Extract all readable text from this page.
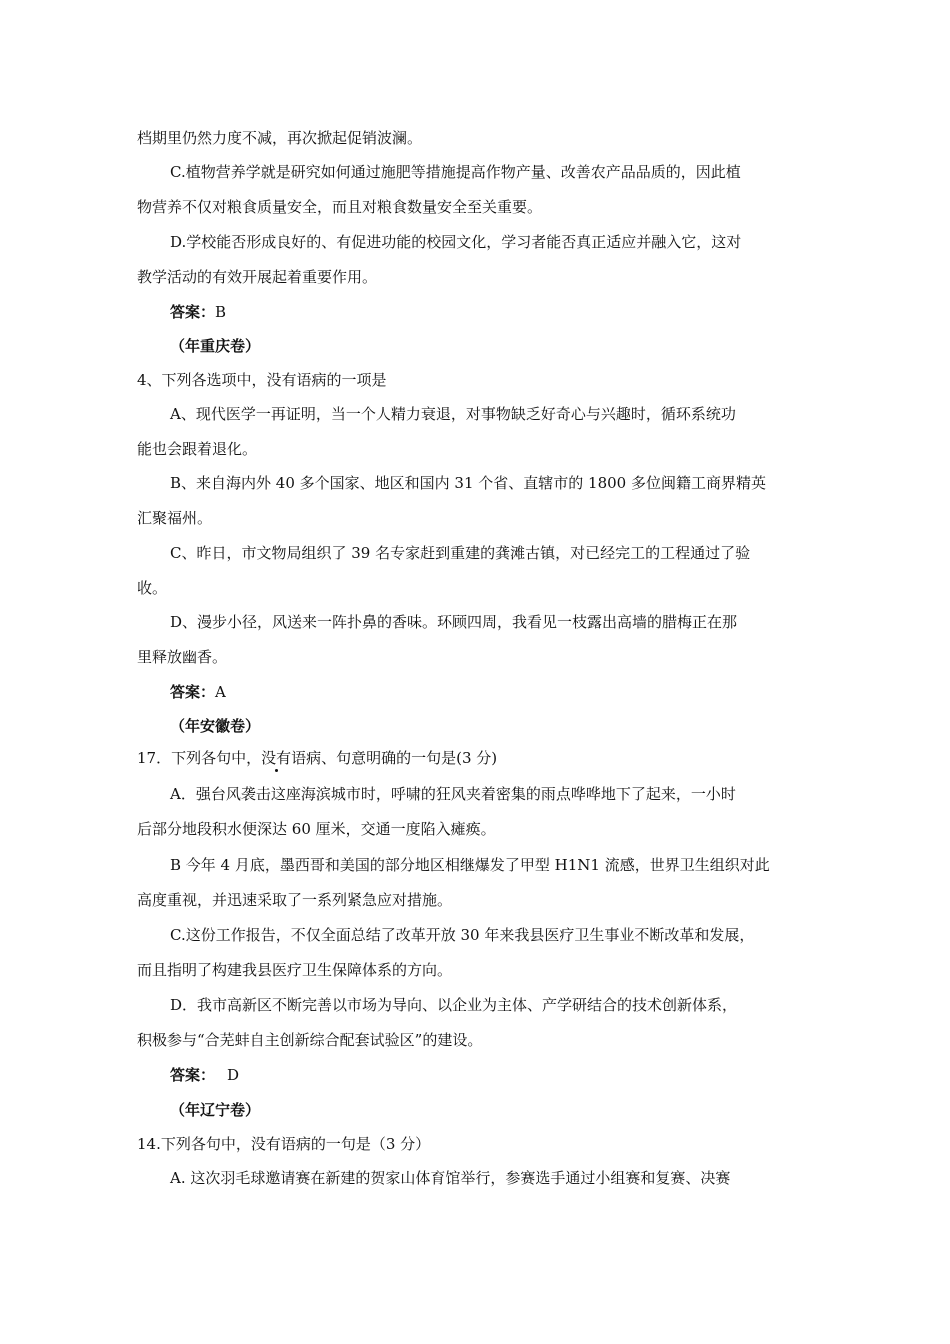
档期里仍然力度不减，再次掀起促销波澜。
C.植物营养学就是研究如何通过施肥等措施提高作物产量、改善农产品品质的，因此植
物营养不仅对粮食质量安全，而且对粮食数量安全至关重要。
D.学校能否形成良好的、有促进功能的校园文化，学习者能否真正适应并融入它，这对
教学活动的有效开展起着重要作用。
答案：B
（年重庆卷）
4、下列各选项中，没有语病的一项是
A、现代医学一再证明，当一个人精力衰退，对事物缺乏好奇心与兴趣时，循环系统功
能也会跟着退化。
B、来自海内外 40 多个国家、地区和国内 31 个省、直辖市的 1800 多位闽籍工商界精英
汇聚福州。
C、昨日，市文物局组织了 39 名专家赶到重建的龚滩古镇，对已经完工的工程通过了验
收。
D、漫步小径，风送来一阵扑鼻的香味。环顾四周，我看见一枝露出高墙的腊梅正在那
里释放幽香。
答案：A
（年安徽卷）
17．下列各句中，没有语病、句意明确的一句是(3 分)
A．强台风袭击这座海滨城市时，呼啸的狂风夹着密集的雨点哗哗地下了起来，一小时
后部分地段积水便深达 60 厘米，交通一度陷入瘫痪。
B 今年 4 月底，墨西哥和美国的部分地区相继爆发了甲型 H1N1 流感，世界卫生组织对此
高度重视，并迅速采取了一系列紧急应对措施。
C.这份工作报告，不仅全面总结了改革开放 30 年来我县医疗卫生事业不断改革和发展，
而且指明了构建我县医疗卫生保障体系的方向。
D．我市高新区不断完善以市场为导向、以企业为主体、产学研结合的技术创新体系，
积极参与“合芜蚌自主创新综合配套试验区”的建设。
答案： D
（年辽宁卷）
14.下列各句中，没有语病的一句是（3 分）
A. 这次羽毛球邀请赛在新建的贺家山体育馆举行，参赛选手通过小组赛和复赛、决赛
